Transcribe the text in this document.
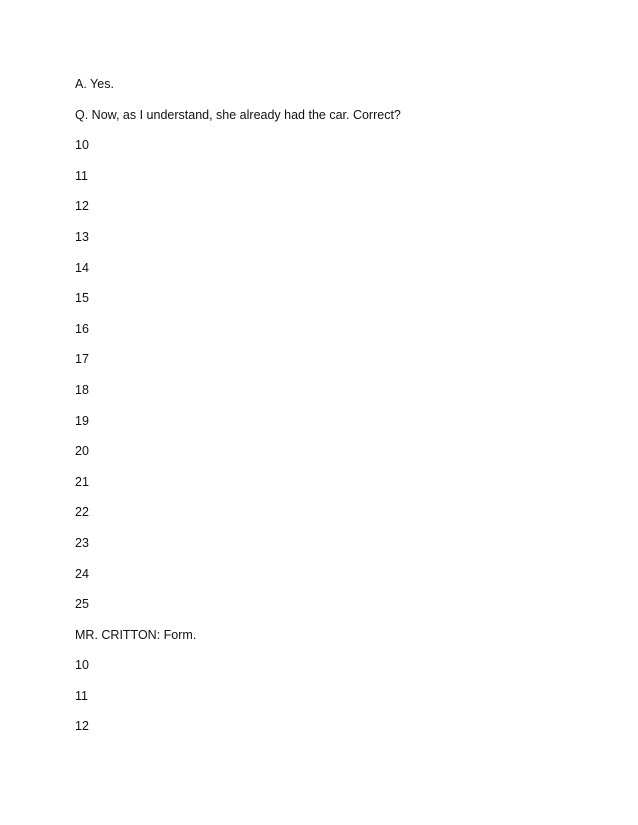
A. Yes.
Q. Now, as I understand, she already had the car. Correct?
10
11
12
13
14
15
16
17
18
19
20
21
22
23
24
25
MR. CRITTON: Form.
10
11
12
